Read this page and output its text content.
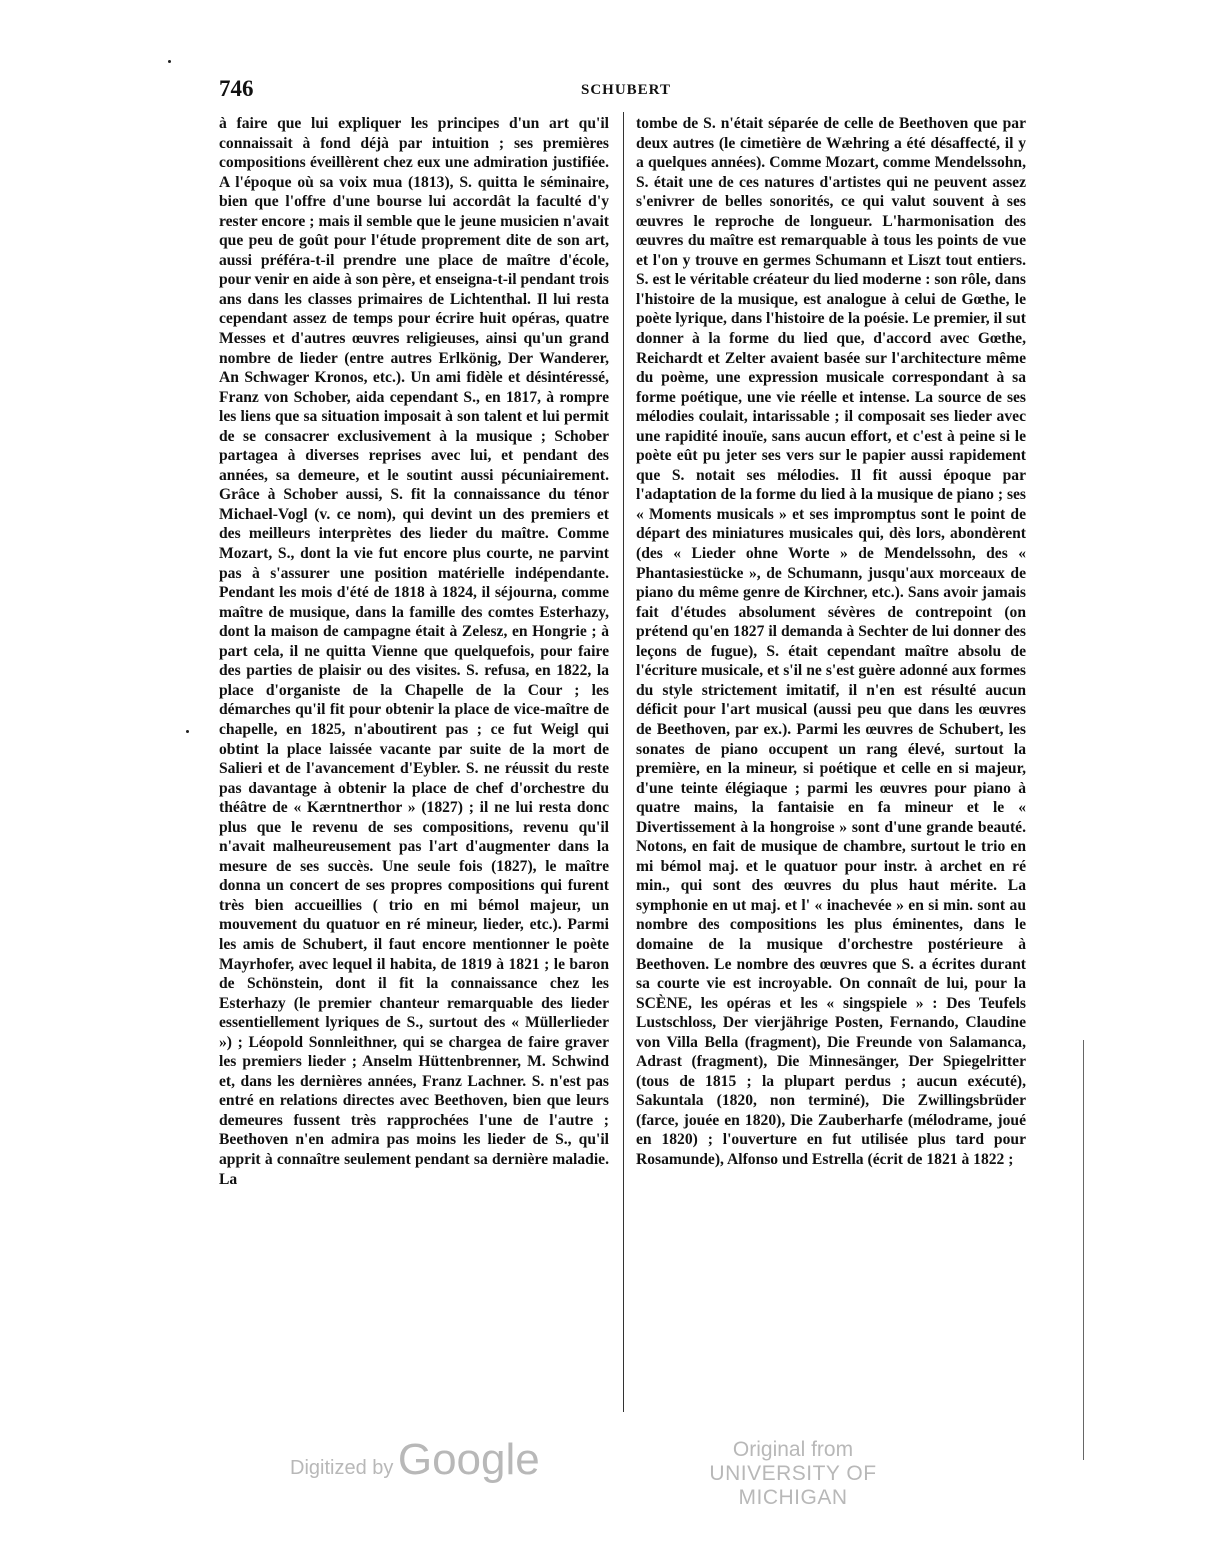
746	SCHUBERT

à faire que lui expliquer les principes d'un art qu'il connaissait à fond déjà par intuition ; ses premières compositions éveillèrent chez eux une admiration justifiée. A l'époque où sa voix mua (1813), S. quitta le séminaire, bien que l'offre d'une bourse lui accordât la faculté d'y rester encore ; mais il semble que le jeune musicien n'avait que peu de goût pour l'étude proprement dite de son art, aussi préféra-t-il prendre une place de maître d'école, pour venir en aide à son père, et enseigna-t-il pendant trois ans dans les classes primaires de Lichtenthal. Il lui resta cependant assez de temps pour écrire huit opéras, quatre Messes et d'autres œuvres religieuses, ainsi qu'un grand nombre de lieder (entre autres Erlkönig, Der Wanderer, An Schwager Kronos, etc.). Un ami fidèle et désintéressé, Franz von Schober, aida cependant S., en 1817, à rompre les liens que sa situation imposait à son talent et lui permit de se consacrer exclusivement à la musique ; Schober partagea à diverses reprises avec lui, et pendant des années, sa demeure, et le soutint aussi pécuniairement. Grâce à Schober aussi, S. fit la connaissance du ténor Michael-Vogl (v. ce nom), qui devint un des premiers et des meilleurs interprètes des lieder du maître. Comme Mozart, S., dont la vie fut encore plus courte, ne parvint pas à s'assurer une position matérielle indépendante. Pendant les mois d'été de 1818 à 1824, il séjourna, comme maître de musique, dans la famille des comtes Esterhazy, dont la maison de campagne était à Zelesz, en Hongrie ; à part cela, il ne quitta Vienne que quelquefois, pour faire des parties de plaisir ou des visites. S. refusa, en 1822, la place d'organiste de la Chapelle de la Cour ; les démarches qu'il fit pour obtenir la place de vice-maître de chapelle, en 1825, n'aboutirent pas ; ce fut Weigl qui obtint la place laissée vacante par suite de la mort de Salieri et de l'avancement d'Eybler. S. ne réussit du reste pas davantage à obtenir la place de chef d'orchestre du théâtre de « Kærntnerthor » (1827) ; il ne lui resta donc plus que le revenu de ses compositions, revenu qu'il n'avait malheureusement pas l'art d'augmenter dans la mesure de ses succès. Une seule fois (1827), le maître donna un concert de ses propres compositions qui furent très bien accueillies ( trio en mi bémol majeur, un mouvement du quatuor en ré mineur, lieder, etc.). Parmi les amis de Schubert, il faut encore mentionner le poète Mayrhofer, avec lequel il habita, de 1819 à 1821 ; le baron de Schönstein, dont il fit la connaissance chez les Esterhazy (le premier chanteur remarquable des lieder essentiellement lyriques de S., surtout des « Müllerlieder ») ; Léopold Sonnleithner, qui se chargea de faire graver les premiers lieder ; Anselm Hüttenbrenner, M. Schwind et, dans les dernières années, Franz Lachner. S. n'est pas entré en relations directes avec Beethoven, bien que leurs demeures fussent très rapprochées l'une de l'autre ; Beethoven n'en admira pas moins les lieder de S., qu'il apprit à connaître seulement pendant sa dernière maladie. La

tombe de S. n'était séparée de celle de Beethoven que par deux autres (le cimetière de Wæhring a été désaffecté, il y a quelques années). Comme Mozart, comme Mendelssohn, S. était une de ces natures d'artistes qui ne peuvent assez s'enivrer de belles sonorités, ce qui valut souvent à ses œuvres le reproche de longueur. L'harmonisation des œuvres du maître est remarquable à tous les points de vue et l'on y trouve en germes Schumann et Liszt tout entiers. S. est le véritable créateur du lied moderne : son rôle, dans l'histoire de la musique, est analogue à celui de Gœthe, le poète lyrique, dans l'histoire de la poésie. Le premier, il sut donner à la forme du lied que, d'accord avec Gœthe, Reichardt et Zelter avaient basée sur l'architecture même du poème, une expression musicale correspondant à sa forme poétique, une vie réelle et intense. La source de ses mélodies coulait, intarissable ; il composait ses lieder avec une rapidité inouïe, sans aucun effort, et c'est à peine si le poète eût pu jeter ses vers sur le papier aussi rapidement que S. notait ses mélodies. Il fit aussi époque par l'adaptation de la forme du lied à la musique de piano ; ses « Moments musicals » et ses impromptus sont le point de départ des miniatures musicales qui, dès lors, abondèrent (des « Lieder ohne Worte » de Mendelssohn, des « Phantasiestücke », de Schumann, jusqu'aux morceaux de piano du même genre de Kirchner, etc.). Sans avoir jamais fait d'études absolument sévères de contrepoint (on prétend qu'en 1827 il demanda à Sechter de lui donner des leçons de fugue), S. était cependant maître absolu de l'écriture musicale, et s'il ne s'est guère adonné aux formes du style strictement imitatif, il n'en est résulté aucun déficit pour l'art musical (aussi peu que dans les œuvres de Beethoven, par ex.). Parmi les œuvres de Schubert, les sonates de piano occupent un rang élevé, surtout la première, en la mineur, si poétique et celle en si majeur, d'une teinte élégiaque ; parmi les œuvres pour piano à quatre mains, la fantaisie en fa mineur et le « Divertissement à la hongroise » sont d'une grande beauté. Notons, en fait de musique de chambre, surtout le trio en mi bémol maj. et le quatuor pour instr. à archet en ré min., qui sont des œuvres du plus haut mérite. La symphonie en ut maj. et l' « inachevée » en si min. sont au nombre des compositions les plus éminentes, dans le domaine de la musique d'orchestre postérieure à Beethoven. Le nombre des œuvres que S. a écrites durant sa courte vie est incroyable. On connaît de lui, pour la SCÈNE, les opéras et les « singspiele » : Des Teufels Lustschloss, Der vierjährige Posten, Fernando, Claudine von Villa Bella (fragment), Die Freunde von Salamanca, Adrast (fragment), Die Minnesänger, Der Spiegelritter (tous de 1815 ; la plupart perdus ; aucun exécuté), Sakuntala (1820, non terminé), Die Zwillingsbrüder (farce, jouée en 1820), Die Zauberharfe (mélodrame, joué en 1820) ; l'ouverture en fut utilisée plus tard pour Rosamunde), Alfonso und Estrella (écrit de 1821 à 1822 ;

Digitized by Google	Original from
UNIVERSITY OF MICHIGAN
